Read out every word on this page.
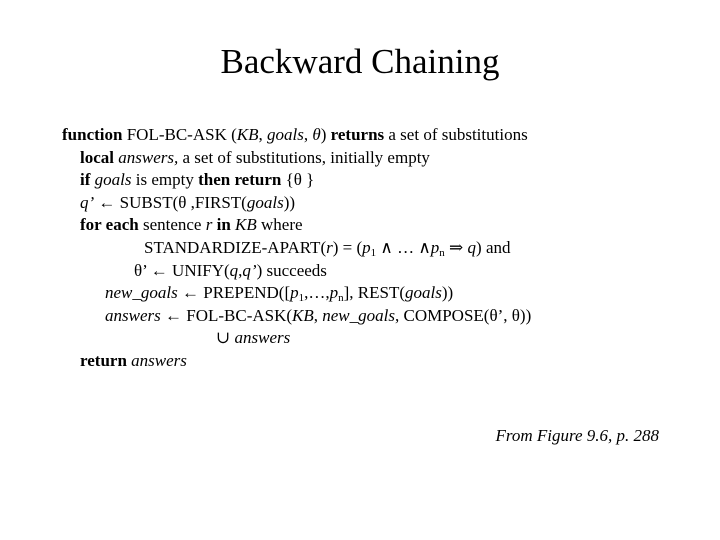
Backward Chaining
function FOL-BC-ASK (KB, goals, θ) returns a set of substitutions
local answers, a set of substitutions, initially empty
if goals is empty then return {θ }
q’ ← SUBST(θ ,FIRST(goals))
for each sentence r in KB where
STANDARDIZE-APART(r) = ($p_1$ ∧ … $\wedge p_n$ ⇒ q) and
θ’ ← UNIFY(q,q’) succeeds
new_goals ← $PREPEND([p_1,\dots,p_n]$, REST(goals))
answers ← FOL-BC-ASK(KB, new_goals, COMPOSE(θ’, θ))
∪ answers
return answers
From Figure 9.6, p. 288
